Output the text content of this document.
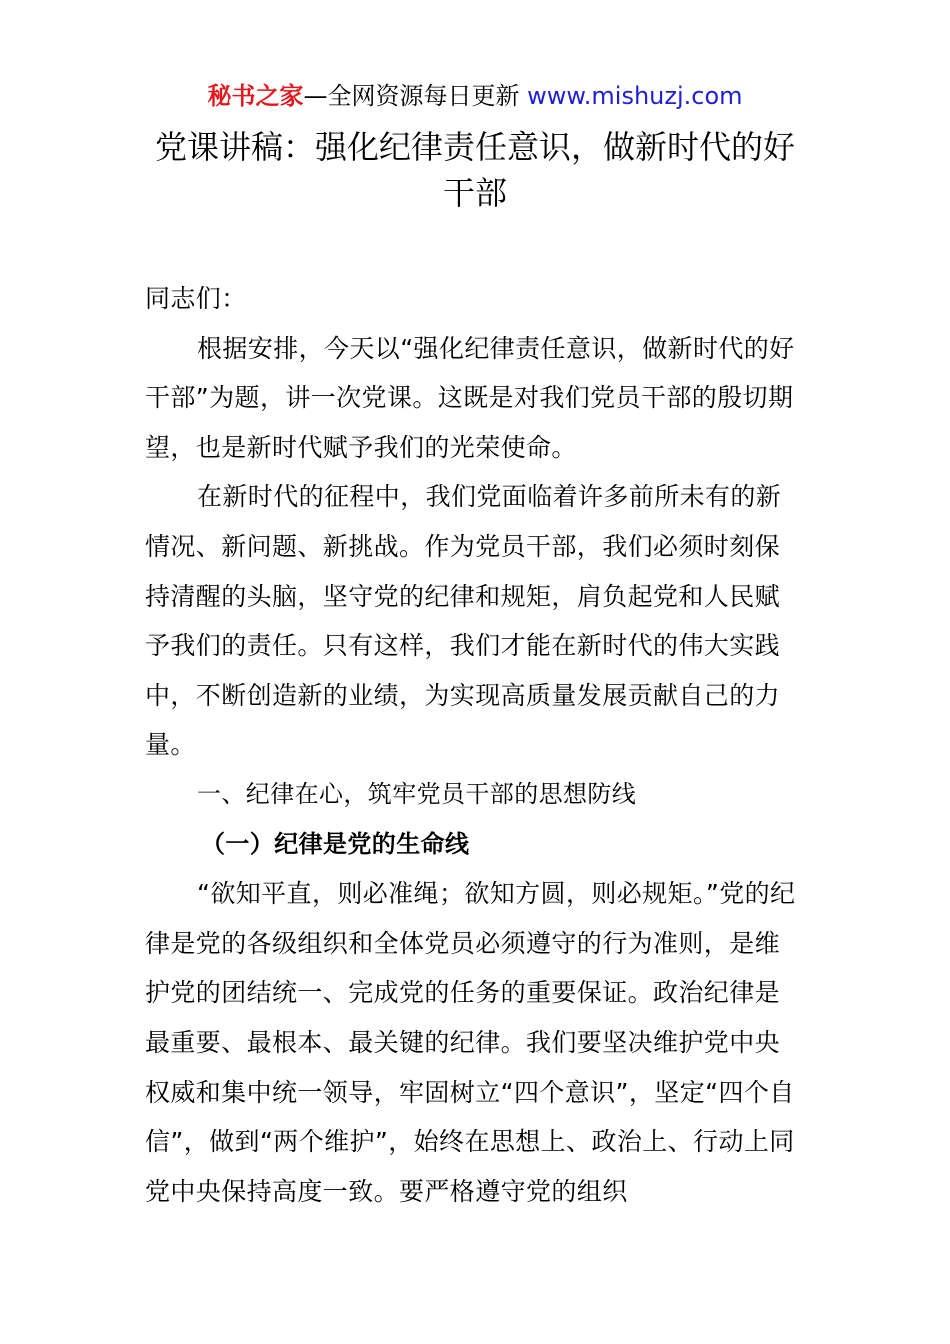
秘书之家—全网资源每日更新 www.mishuzj.com
党课讲稿：强化纪律责任意识，做新时代的好干部

同志们：

根据安排，今天以“强化纪律责任意识，做新时代的好干部”为题，讲一次党课。这既是对我们党员干部的殷切期望，也是新时代赋予我们的光荣使命。

在新时代的征程中，我们党面临着许多前所未有的新情况、新问题、新挑战。作为党员干部，我们必须时刻保持清醒的头脑，坚守党的纪律和规矩，肩负起党和人民赋予我们的责任。只有这样，我们才能在新时代的伟大实践中，不断创造新的业绩，为实现高质量发展贡献自己的力量。

一、纪律在心，筑牢党员干部的思想防线

（一）纪律是党的生命线

“欲知平直，则必准绳；欲知方圆，则必规矩。”党的纪律是党的各级组织和全体党员必须遵守的行为准则，是维护党的团结统一、完成党的任务的重要保证。政治纪律是最重要、最根本、最关键的纪律。我们要坚决维护党中央权威和集中统一领导，牢固树立“四个意识”，坚定“四个自信”，做到“两个维护”，始终在思想上、政治上、行动上同党中央保持高度一致。要严格遵守党的组织
